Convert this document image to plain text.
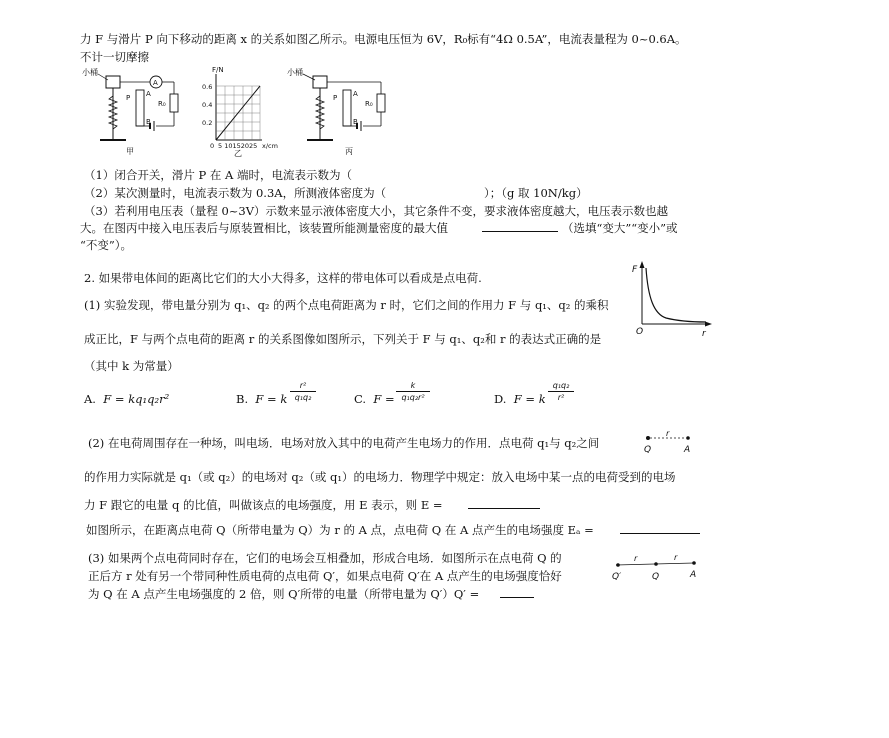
力 F 与滑片 P 向下移动的距离 x 的关系如图乙所示。电源电压恒为 6V，R₀标有“4Ω 0.5A”，电流表量程为 0~0.6A。
不计一切摩擦
小桶
A
R₀
P A
B
甲
F/N
0.6
0.4
0.2
0 5 10152025 x/cm
乙
小桶
R₀
P A
B
丙
（1）闭合开关，滑片 P 在 A 端时，电流表示数为（
（2）某次测量时，电流表示数为 0.3A，所测液体密度为（	）；（g 取 10N/kg）
（3）若利用电压表（量程 0~3V）示数来显示液体密度大小，其它条件不变，要求液体密度越大，电压表示数也越
大。在图丙中接入电压表后与原装置相比，该装置所能测量密度的最大值	（选填“变大”“变小”或
“不变”）。
2. 如果带电体间的距离比它们的大小大得多，这样的带电体可以看成是点电荷.
F
O	r
(1) 实验发现，带电量分别为 q₁、q₂ 的两个点电荷距离为 r 时，它们之间的作用力 F 与 q₁、q₂ 的乘积
成正比，F 与两个点电荷的距离 r 的关系图像如图所示，下列关于 F 与 q₁、q₂和 r 的表达式正确的是
（其中 k 为常量）
A. F = kq₁q₂r²	B. F = k
r²
q₁q₂	C. F =
k
q₁q₂r²	D. F = k
q₁q₂
r²
(2) 在电荷周围存在一种场，叫电场．电场对放入其中的电荷产生电场力的作用．点电荷 q₁与 q₂之间
r
Q	A
的作用力实际就是 q₁（或 q₂）的电场对 q₂（或 q₁）的电场力．物理学中规定：放入电场中某一点的电荷受到的电场
力 F 跟它的电量 q 的比值，叫做该点的电场强度，用 E 表示，则 E =
如图所示，在距离点电荷 Q（所带电量为 Q）为 r 的 A 点，点电荷 Q 在 A 点产生的电场强度 Eₐ =
(3) 如果两个点电荷同时存在，它们的电场会互相叠加，形成合电场．如图所示在点电荷 Q 的
正后方 r 处有另一个带同种性质电荷的点电荷 Q′，如果点电荷 Q′在 A 点产生的电场强度恰好
为 Q 在 A 点产生电场强度的 2 倍，则 Q′所带的电量（所带电量为 Q′）Q′ =
r	r
Q′	Q	A
